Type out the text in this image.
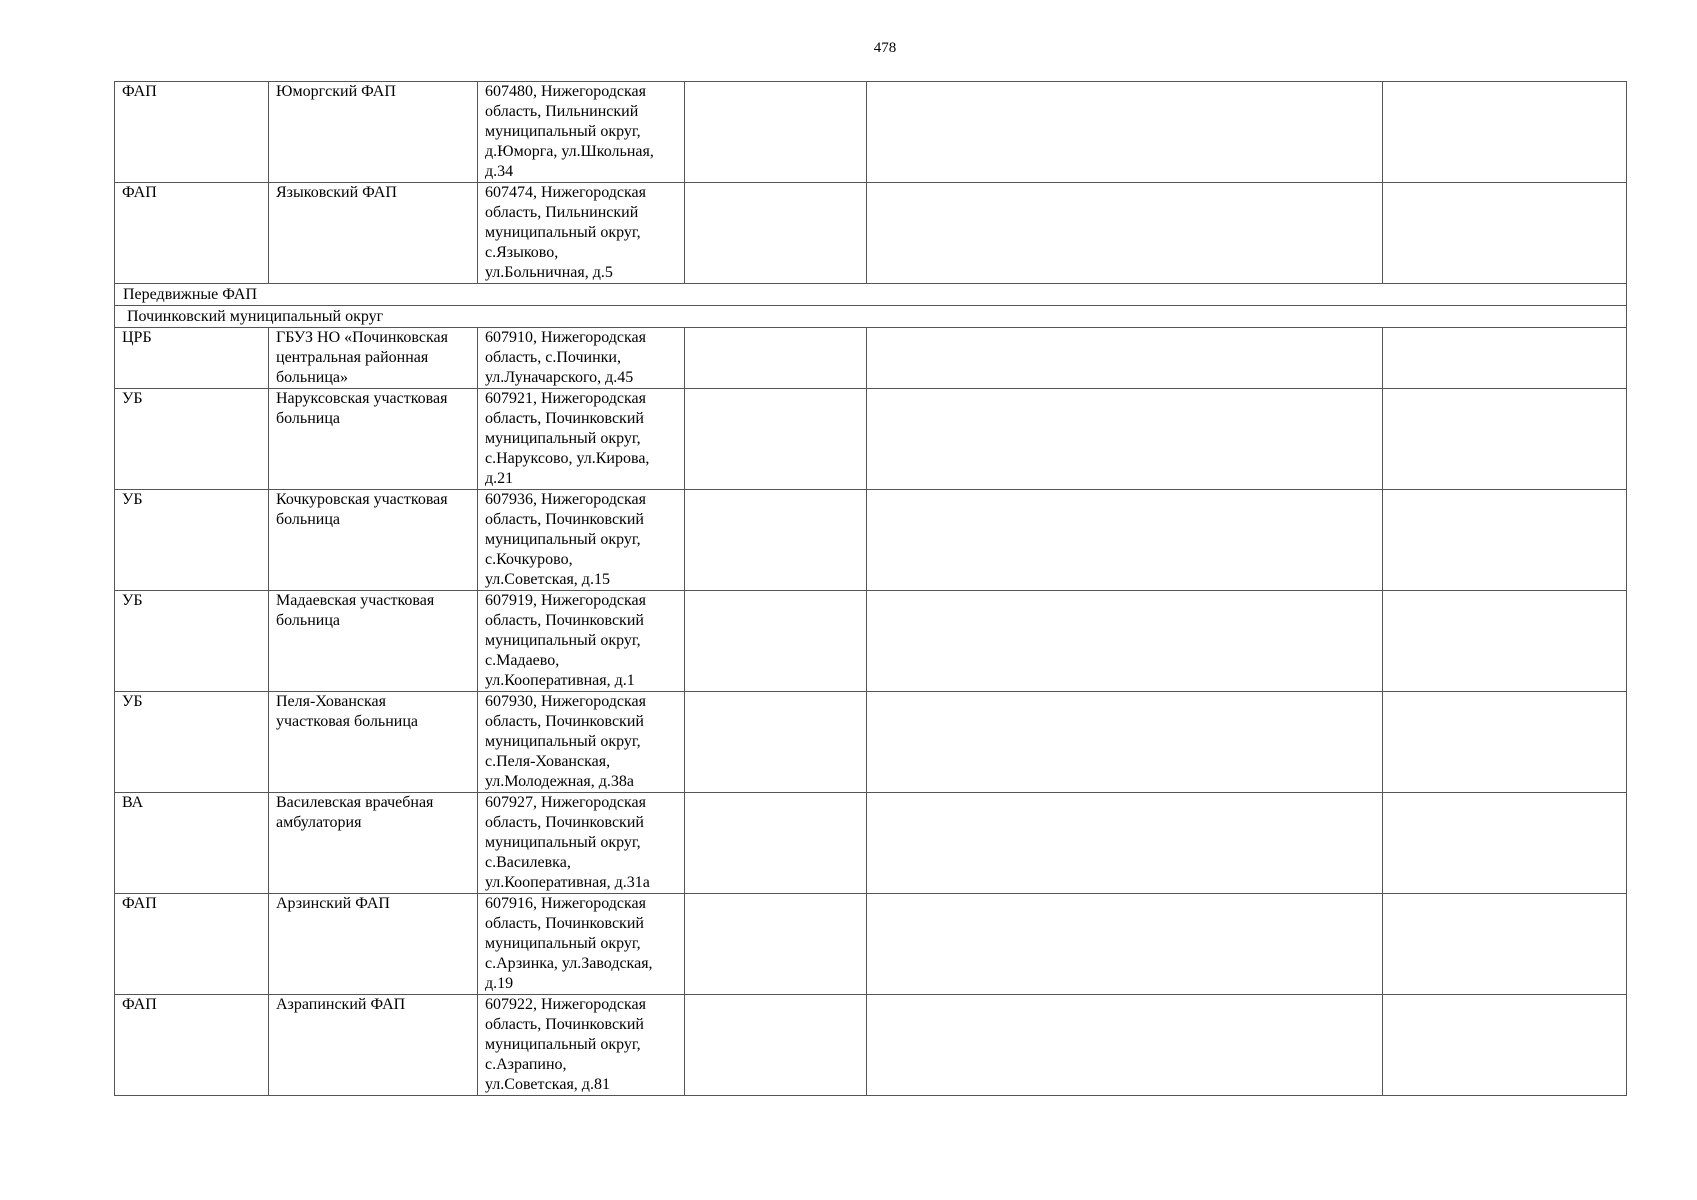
478
ФАП	Юморгский ФАП	607480, Нижегородская
область, Пильнинский
муниципальный округ,
д.Юморга, ул.Школьная,
д.34			
ФАП	Языковский ФАП	607474, Нижегородская
область, Пильнинский
муниципальный округ,
с.Языково,
ул.Больничная, д.5			
Передвижные ФАП					
Починковский муниципальный округ					
ЦРБ	ГБУЗ НО «Починковская
центральная районная
больница»	607910, Нижегородская
область, с.Починки,
ул.Луначарского, д.45			
УБ	Наруксовская участковая
больница	607921, Нижегородская
область, Починковский
муниципальный округ,
с.Наруксово, ул.Кирова,
д.21			
УБ	Кочкуровская участковая
больница	607936, Нижегородская
область, Починковский
муниципальный округ,
с.Кочкурово,
ул.Советская, д.15			
УБ	Мадаевская участковая
больница	607919, Нижегородская
область, Починковский
муниципальный округ,
с.Мадаево,
ул.Кооперативная, д.1			
УБ	Пеля-Хованская
участковая больница	607930, Нижегородская
область, Починковский
муниципальный округ,
с.Пеля-Хованская,
ул.Молодежная, д.38а			
ВА	Василевская врачебная
амбулатория	607927, Нижегородская
область, Починковский
муниципальный округ,
с.Василевка,
ул.Кооперативная, д.31а			
ФАП	Арзинский ФАП	607916, Нижегородская
область, Починковский
муниципальный округ,
с.Арзинка, ул.Заводская,
д.19			
ФАП	Азрапинский ФАП	607922, Нижегородская
область, Починковский
муниципальный округ,
с.Азрапино,
ул.Советская, д.81			
